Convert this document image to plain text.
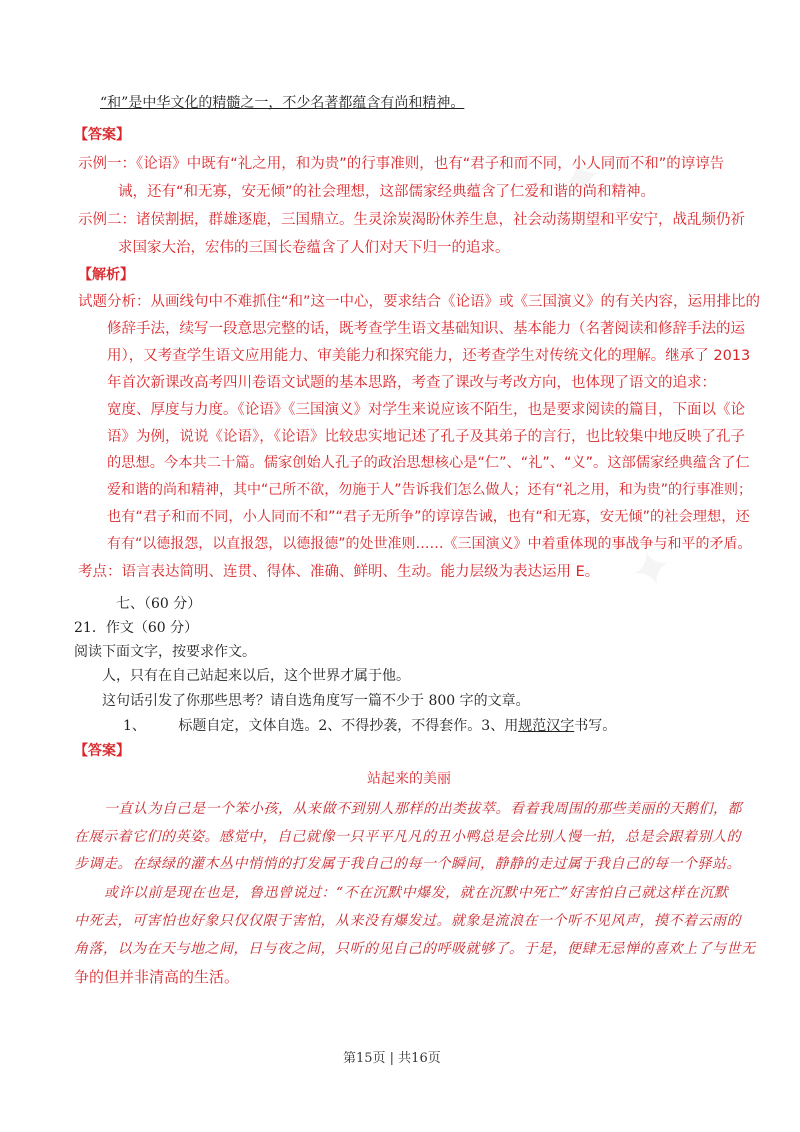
✦
✦
“和”是中华文化的精髓之一，不少名著都蕴含有尚和精神。
【答案】
示例一：《论语》中既有“礼之用，和为贵”的行事准则，也有“君子和而不同，小人同而不和”的谆谆告
诫，还有“和无寡，安无倾”的社会理想，这部儒家经典蕴含了仁爱和谐的尚和精神。
示例二：诸侯割据，群雄逐鹿，三国鼎立。生灵涂炭渴盼休养生息，社会动荡期望和平安宁，战乱频仍祈
求国家大治，宏伟的三国长卷蕴含了人们对天下归一的追求。
【解析】
试题分析：从画线句中不难抓住“和”这一中心，要求结合《论语》或《三国演义》的有关内容，运用排比的
修辞手法，续写一段意思完整的话，既考查学生语文基础知识、基本能力（名著阅读和修辞手法的运
用），又考查学生语文应用能力、审美能力和探究能力，还考查学生对传统文化的理解。继承了 2013
年首次新课改高考四川卷语文试题的基本思路，考查了课改与考改方向，也体现了语文的追求：
宽度、厚度与力度。《论语》《三国演义》对学生来说应该不陌生，也是要求阅读的篇目，下面以《论
语》为例，说说《论语》，《论语》比较忠实地记述了孔子及其弟子的言行，也比较集中地反映了孔子
的思想。今本共二十篇。儒家创始人孔子的政治思想核心是“仁”、“礼”、“义”。这部儒家经典蕴含了仁
爱和谐的尚和精神，其中“己所不欲，勿施于人”告诉我们怎么做人；还有“礼之用，和为贵”的行事准则；
也有“君子和而不同，小人同而不和”“君子无所争”的谆谆告诫，也有“和无寡，安无倾”的社会理想，还
有有“以德报怨，以直报怨，以德报德”的处世准则……《三国演义》中着重体现的事战争与和平的矛盾。
考点：语言表达简明、连贯、得体、准确、鲜明、生动。能力层级为表达运用 E。
七、（60 分）
21．作文（60 分）
阅读下面文字，按要求作文。
人，只有在自己站起来以后，这个世界才属于他。
这句话引发了你那些思考？请自选角度写一篇不少于 800 字的文章。
1、 标题自定，文体自选。2、不得抄袭，不得套作。3、用规范汉字书写。
【答案】
站起来的美丽
一直认为自己是一个笨小孩，从来做不到别人那样的出类拔萃。看着我周围的那些美丽的天鹅们，都
在展示着它们的英姿。感觉中，自己就像一只平平凡凡的丑小鸭总是会比别人慢一拍，总是会跟着别人的
步调走。在绿绿的灌木丛中悄悄的打发属于我自己的每一个瞬间，静静的走过属于我自己的每一个驿站。
或许以前是现在也是，鲁迅曾说过：“不在沉默中爆发，就在沉默中死亡”好害怕自己就这样在沉默
中死去，可害怕也好象只仅仅限于害怕，从来没有爆发过。就象是流浪在一个听不见风声，摸不着云雨的
角落，以为在天与地之间，日与夜之间，只听的见自己的呼吸就够了。于是，便肆无忌惮的喜欢上了与世无
争的但并非清高的生活。
第15页 | 共16页
